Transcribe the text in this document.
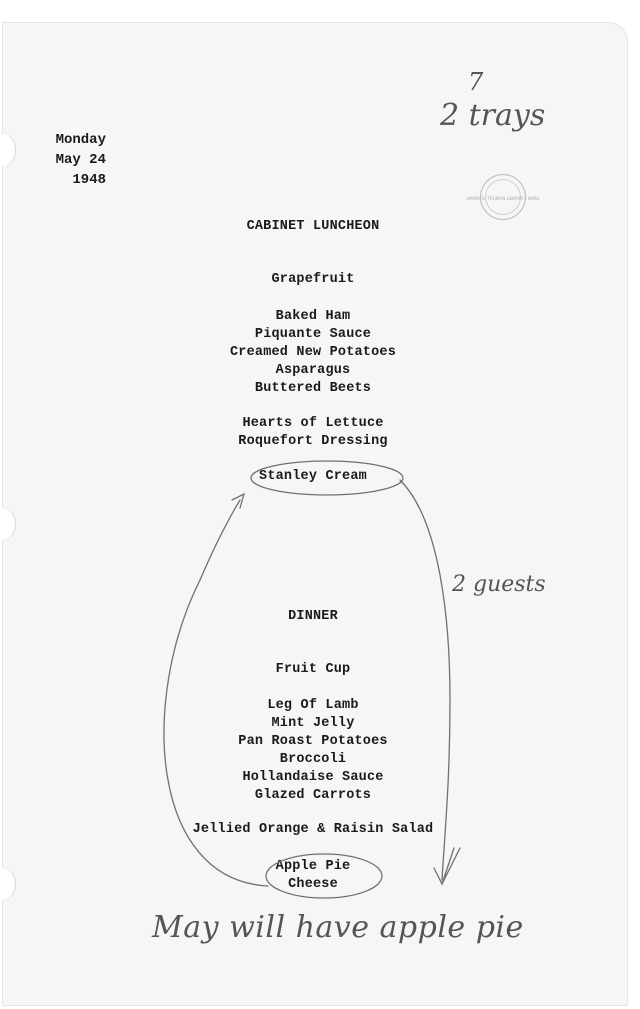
Monday
May 24
1948
HARRY S. TRUMAN LIBRARY · NARA
CABINET LUNCHEON
Grapefruit
Baked Ham
Piquante Sauce
Creamed New Potatoes
Asparagus
Buttered Beets
Hearts of Lettuce
Roquefort Dressing
Stanley Cream
DINNER
Fruit Cup
Leg Of Lamb
Mint Jelly
Pan Roast Potatoes
Broccoli
Hollandaise Sauce
Glazed Carrots
Jellied Orange & Raisin Salad
Apple Pie
Cheese
7
2 trays
2 guests
May will have apple pie
